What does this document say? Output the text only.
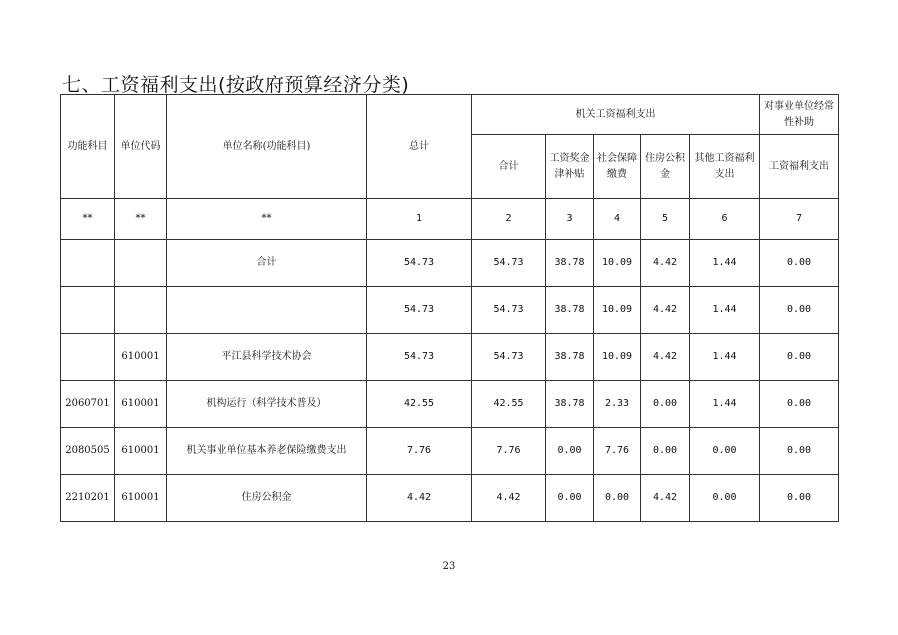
七、工资福利支出(按政府预算经济分类)
功能科目	单位代码	单位名称(功能科目)	总计	机关工资福利支出					对事业单位经常性补助
				合计	工资奖金津补贴	社会保障缴费	住房公积金	其他工资福利支出	工资福利支出
**	**	**	1	2	3	4	5	6	7
		合计	54.73	54.73	38.78	10.09	4.42	1.44	0.00
			54.73	54.73	38.78	10.09	4.42	1.44	0.00
	610001	平江县科学技术协会	54.73	54.73	38.78	10.09	4.42	1.44	0.00
2060701	610001	机构运行（科学技术普及）	42.55	42.55	38.78	2.33	0.00	1.44	0.00
2080505	610001	机关事业单位基本养老保险缴费支出	7.76	7.76	0.00	7.76	0.00	0.00	0.00
2210201	610001	住房公积金	4.42	4.42	0.00	0.00	4.42	0.00	0.00
23
